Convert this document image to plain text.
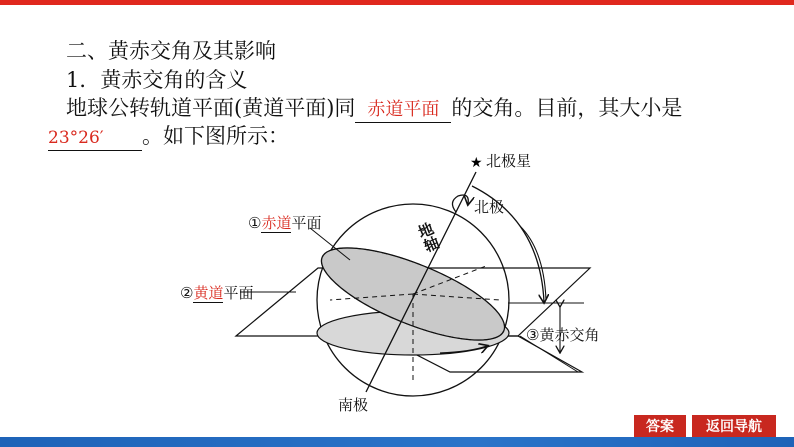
二、黄赤交角及其影响
1．黄赤交角的含义
地球公转轨道平面(黄道平面)同 赤道平面 的交角。目前，其大小是
23°26′ 。如下图所示：
★ 北极星
北极
①赤道平面	地轴
②黄道平面
③黄赤交角
南极
答案	返回导航
